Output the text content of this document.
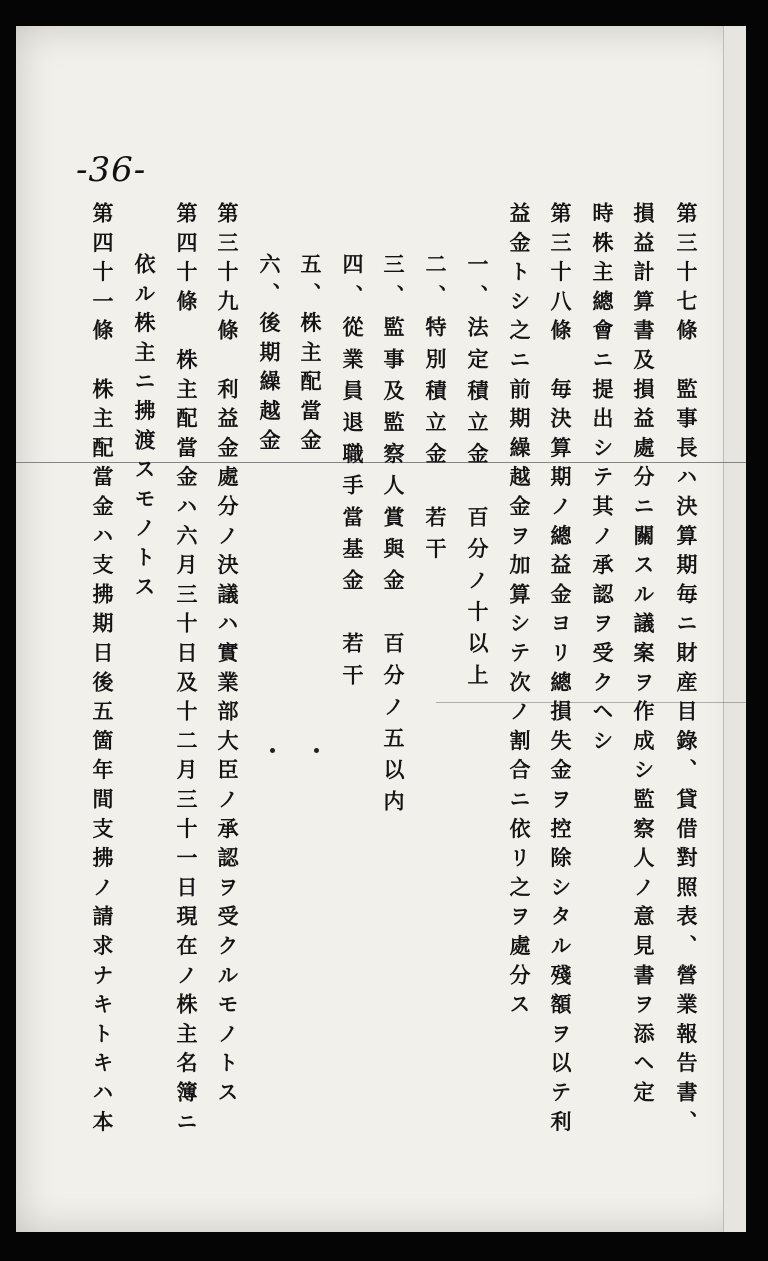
-36-
第三十七條　監事長ハ決算期毎ニ財産目錄、貸借對照表、營業報告書、
損益計算書及損益處分ニ關スル議案ヲ作成シ監察人ノ意見書ヲ添ヘ定
時株主總會ニ提出シテ其ノ承認ヲ受クヘシ
第三十八條　毎決算期ノ總益金ヨリ總損失金ヲ控除シタル殘額ヲ以テ利
益金トシ之ニ前期繰越金ヲ加算シテ次ノ割合ニ依リ之ヲ處分ス
一、法定積立金　百分ノ十以上
二、特別積立金　若干
三、監事及監察人賞與金　百分ノ五以内
四、從業員退職手當基金　若干
五、株主配當金
六、後期繰越金
第三十九條　利益金處分ノ決議ハ實業部大臣ノ承認ヲ受クルモノトス
第四十條　株主配當金ハ六月三十日及十二月三十一日現在ノ株主名簿ニ
依ル株主ニ拂渡スモノトス
第四十一條　株主配當金ハ支拂期日後五箇年間支拂ノ請求ナキトキハ本
